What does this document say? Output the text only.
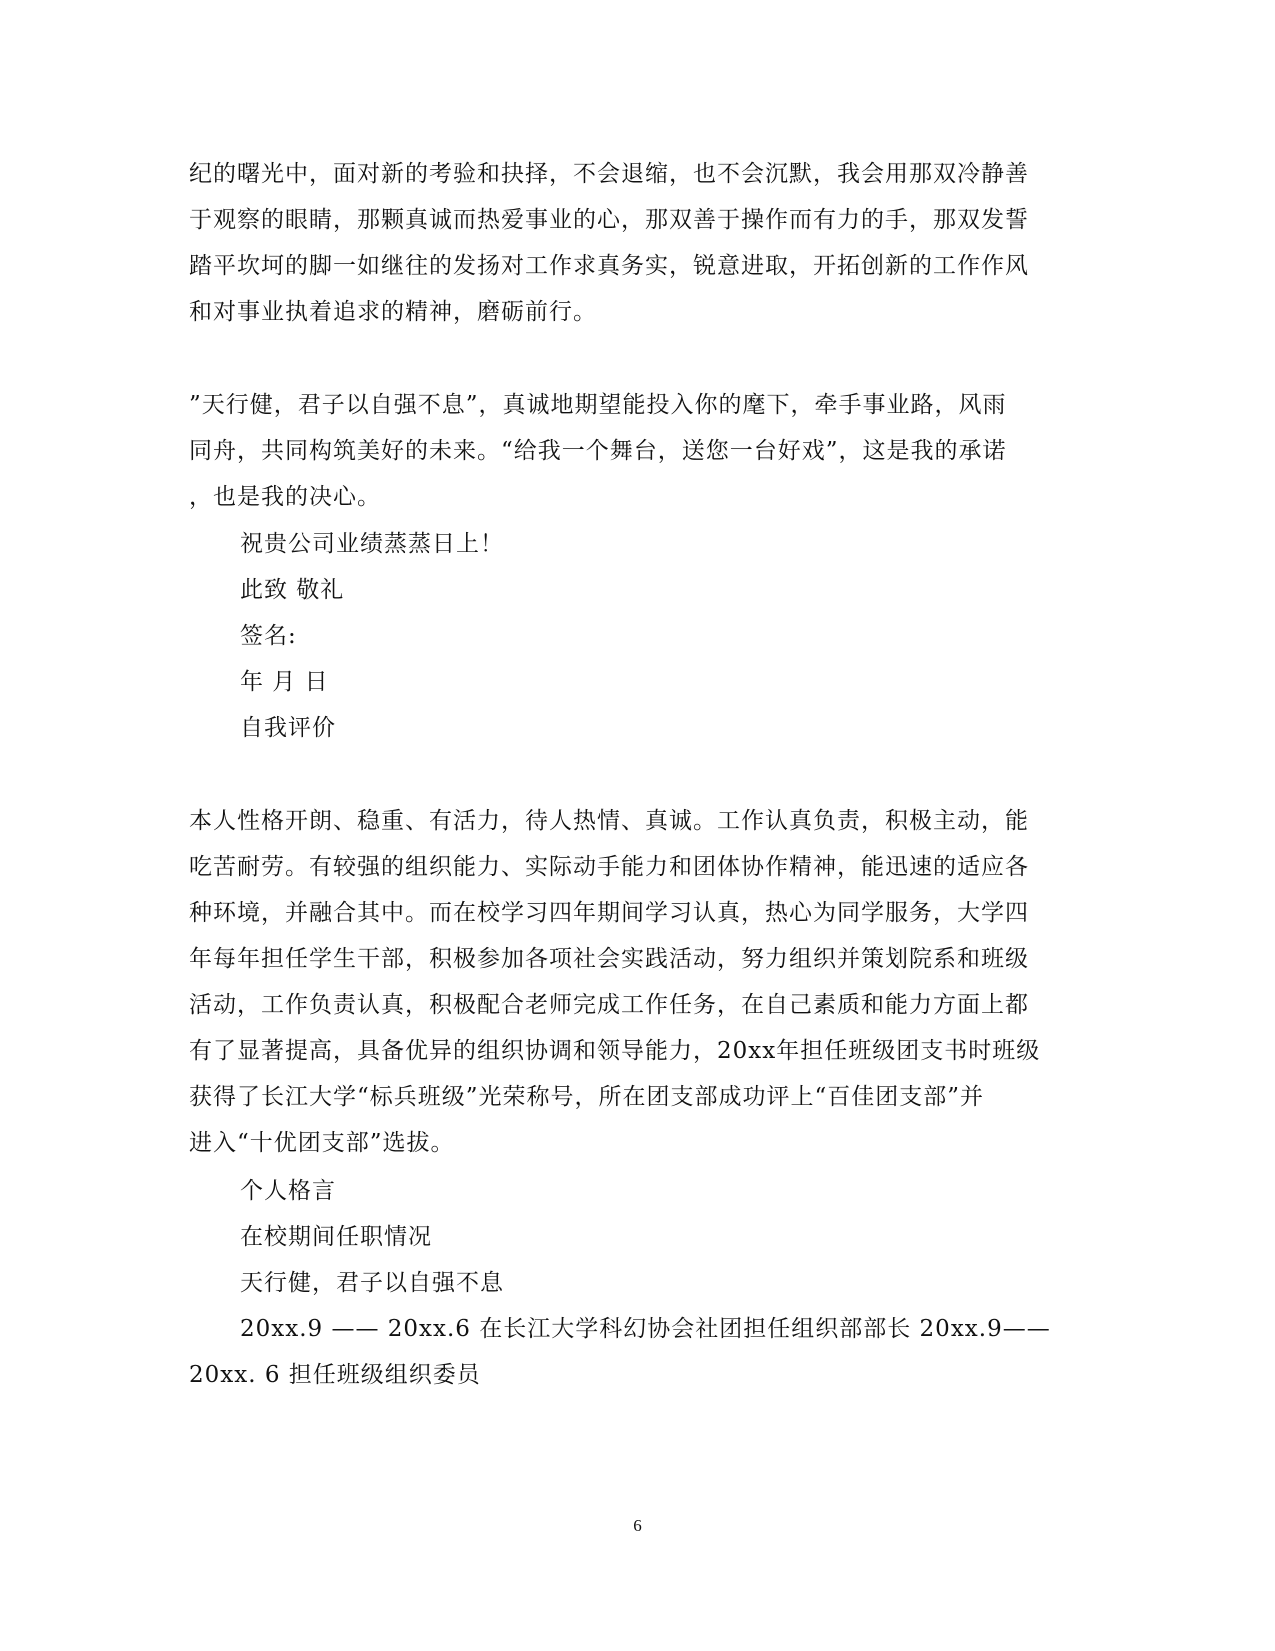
纪的曙光中，面对新的考验和抉择，不会退缩，也不会沉默，我会用那双冷静善
于观察的眼睛，那颗真诚而热爱事业的心，那双善于操作而有力的手，那双发誓
踏平坎坷的脚一如继往的发扬对工作求真务实，锐意进取，开拓创新的工作作风
和对事业执着追求的精神，磨砺前行。
”天行健，君子以自强不息”，真诚地期望能投入你的麾下，牵手事业路，风雨
同舟，共同构筑美好的未来。“给我一个舞台，送您一台好戏”，这是我的承诺
，也是我的决心。
祝贵公司业绩蒸蒸日上！
此致 敬礼
签名:
年 月 日
自我评价
本人性格开朗、稳重、有活力，待人热情、真诚。工作认真负责，积极主动，能
吃苦耐劳。有较强的组织能力、实际动手能力和团体协作精神，能迅速的适应各
种环境，并融合其中。而在校学习四年期间学习认真，热心为同学服务，大学四
年每年担任学生干部，积极参加各项社会实践活动，努力组织并策划院系和班级
活动，工作负责认真，积极配合老师完成工作任务，在自己素质和能力方面上都
有了显著提高，具备优异的组织协调和领导能力，20xx年担任班级团支书时班级
获得了长江大学“标兵班级”光荣称号，所在团支部成功评上“百佳团支部”并
进入“十优团支部”选拔。
个人格言
在校期间任职情况
天行健，君子以自强不息
20xx.9 —— 20xx.6 在长江大学科幻协会社团担任组织部部长 20xx.9——
20xx. 6 担任班级组织委员
6
